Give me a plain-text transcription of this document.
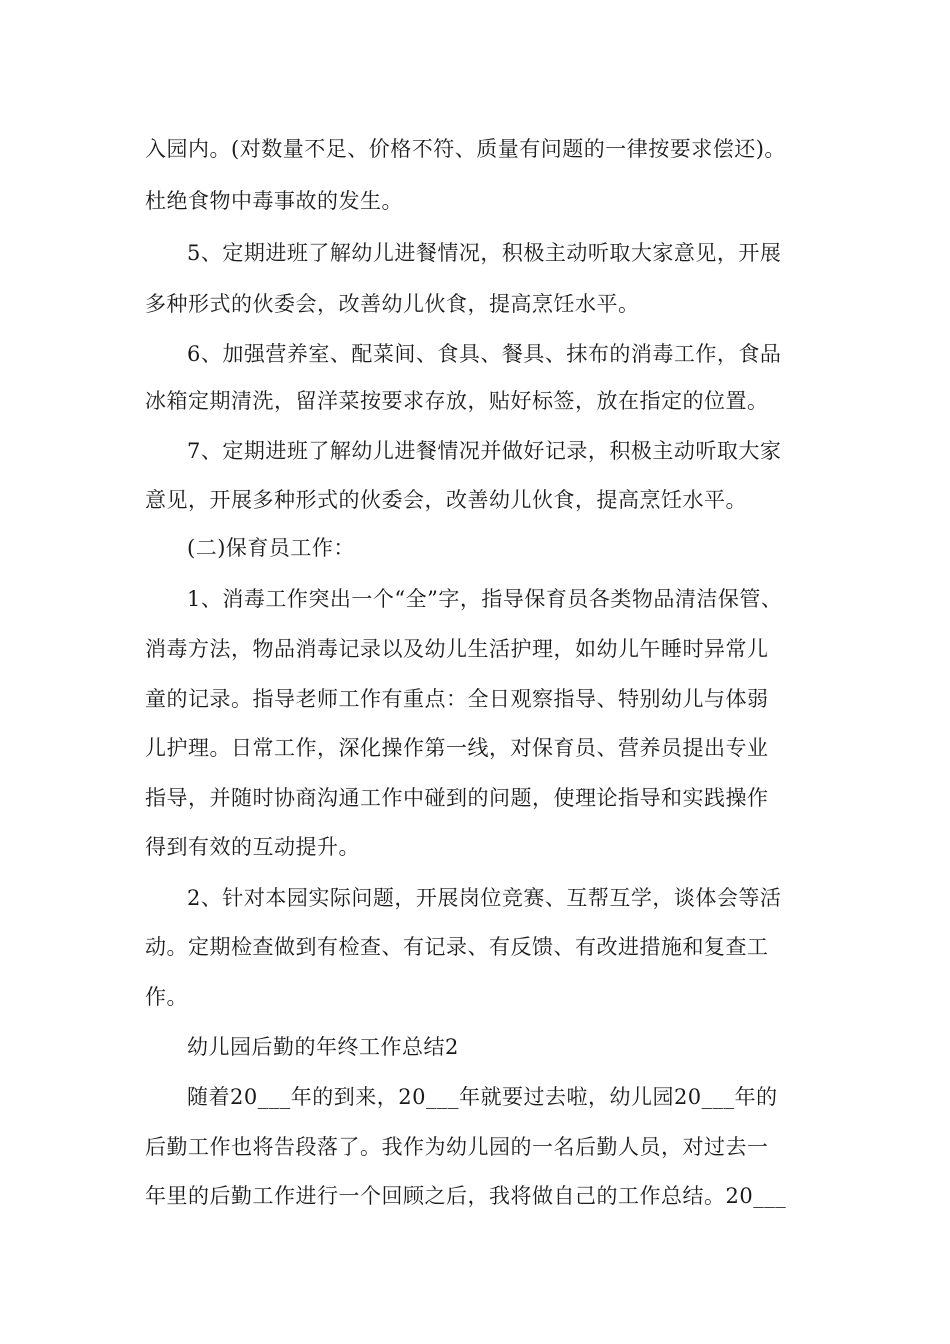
入园内。(对数量不足、价格不符、质量有问题的一律按要求偿还)。
杜绝食物中毒事故的发生。
5、定期进班了解幼儿进餐情况，积极主动听取大家意见，开展
多种形式的伙委会，改善幼儿伙食，提高烹饪水平。
6、加强营养室、配菜间、食具、餐具、抹布的消毒工作，食品
冰箱定期清洗，留洋菜按要求存放，贴好标签，放在指定的位置。
7、定期进班了解幼儿进餐情况并做好记录，积极主动听取大家
意见，开展多种形式的伙委会，改善幼儿伙食，提高烹饪水平。
(二)保育员工作：
1、消毒工作突出一个“全”字，指导保育员各类物品清洁保管、
消毒方法，物品消毒记录以及幼儿生活护理，如幼儿午睡时异常儿
童的记录。指导老师工作有重点：全日观察指导、特别幼儿与体弱
儿护理。日常工作，深化操作第一线，对保育员、营养员提出专业
指导，并随时协商沟通工作中碰到的问题，使理论指导和实践操作
得到有效的互动提升。
2、针对本园实际问题，开展岗位竞赛、互帮互学，谈体会等活
动。定期检查做到有检查、有记录、有反馈、有改进措施和复查工
作。
幼儿园后勤的年终工作总结2
随着20___年的到来，20___年就要过去啦，幼儿园20___年的
后勤工作也将告段落了。我作为幼儿园的一名后勤人员，对过去一
年里的后勤工作进行一个回顾之后，我将做自己的工作总结。20___
